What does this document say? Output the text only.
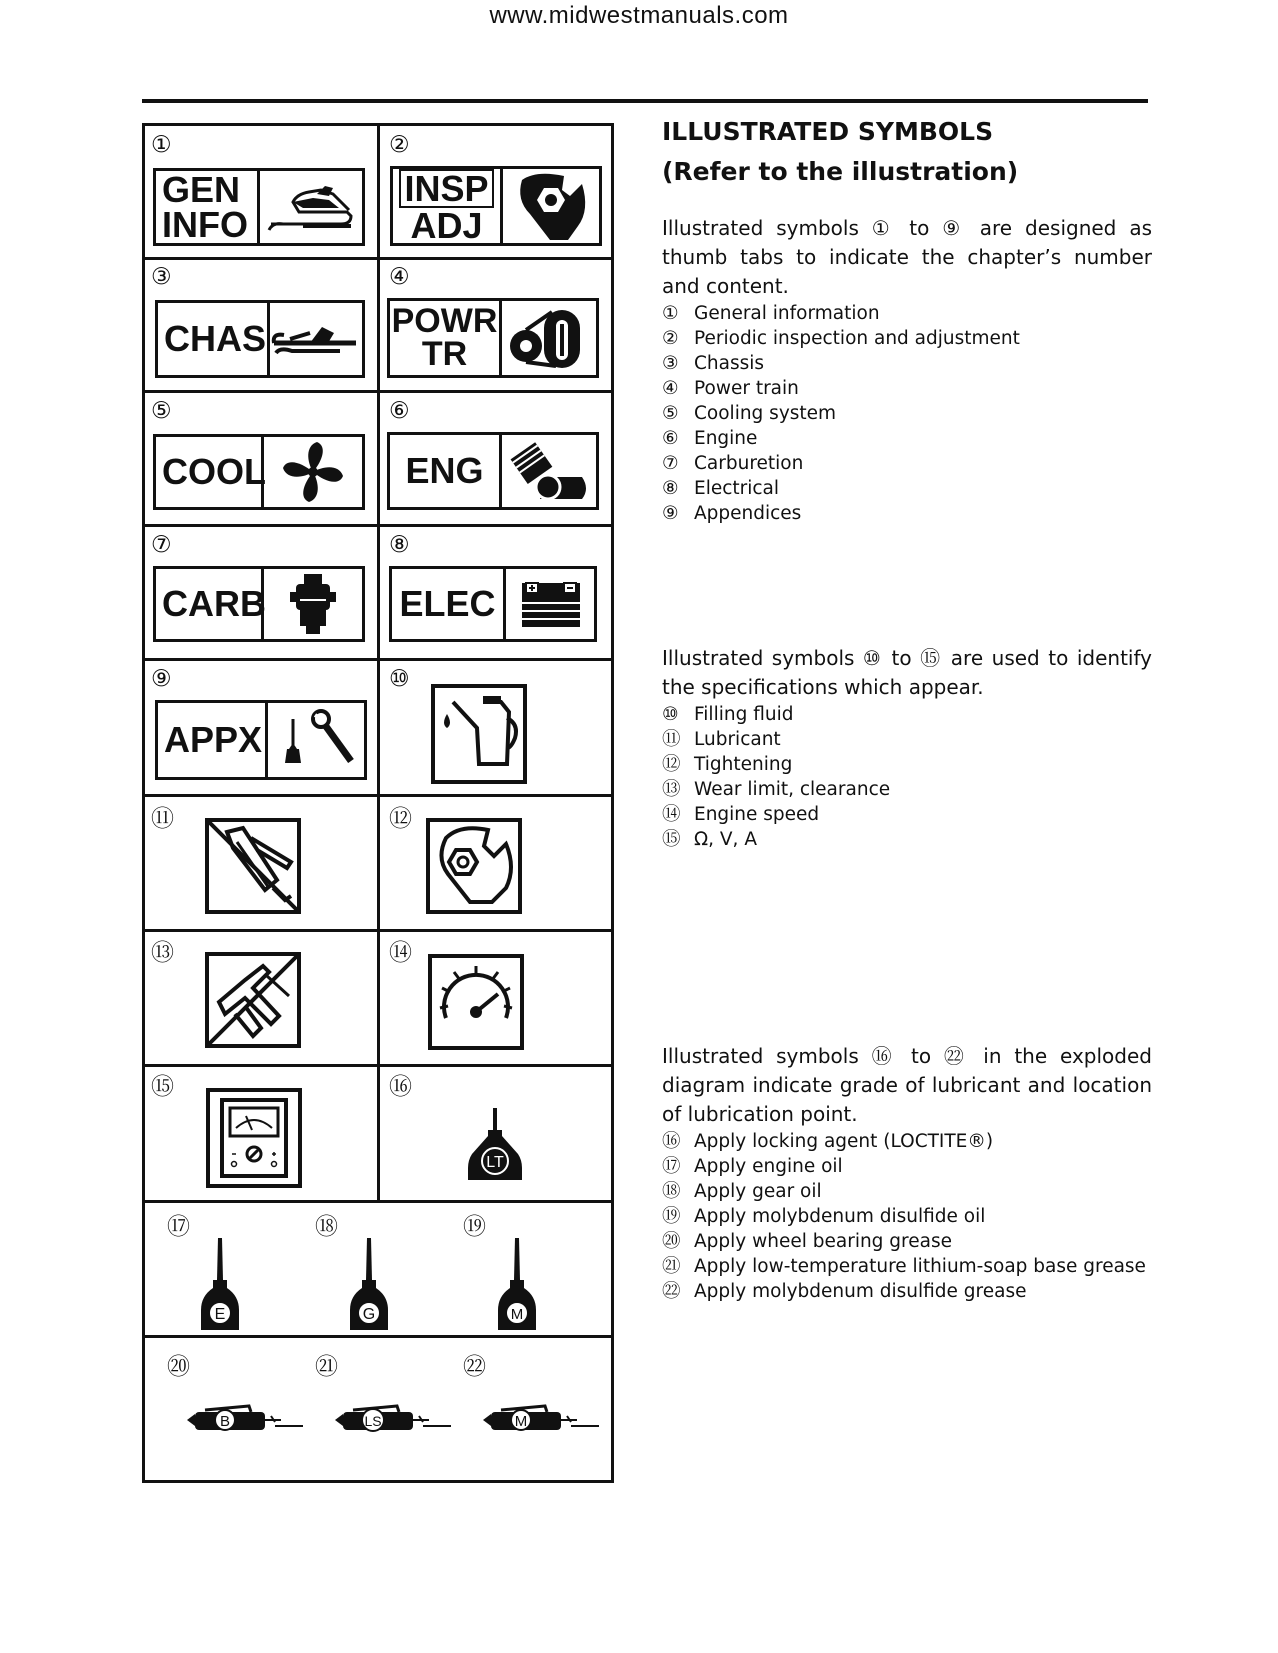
www.midwestmanuals.com
①
GEN
INFO
②
INSP
ADJ
③
CHAS
④
POWR
TR
⑤
COOL
⑥
ENG
⑦
CARB
⑧
ELEC
⑨
APPX
⑩
⑪	⑫
⑬	⑭
⑮	⑯
LT
⑰	⑱	⑲
E	G	M
⑳	㉑	㉒
B	LS	M
ILLUSTRATED SYMBOLS
(Refer to the illustration)
Illustrated symbols ① to ⑨ are designed as thumb tabs to indicate the chapter’s number and content.
① General information
② Periodic inspection and adjustment
③ Chassis
④ Power train
⑤ Cooling system
⑥ Engine
⑦ Carburetion
⑧ Electrical
⑨ Appendices
Illustrated symbols ⑩ to ⑮ are used to identify the specifications which appear.
⑩ Filling fluid
⑪ Lubricant
⑫ Tightening
⑬ Wear limit, clearance
⑭ Engine speed
⑮ Ω, V, A
Illustrated symbols ⑯ to ㉒ in the exploded diagram indicate grade of lubricant and location of lubrication point.
⑯ Apply locking agent (LOCTITE®)
⑰ Apply engine oil
⑱ Apply gear oil
⑲ Apply molybdenum disulfide oil
⑳ Apply wheel bearing grease
㉑ Apply low-temperature lithium-soap base grease
㉒ Apply molybdenum disulfide grease
